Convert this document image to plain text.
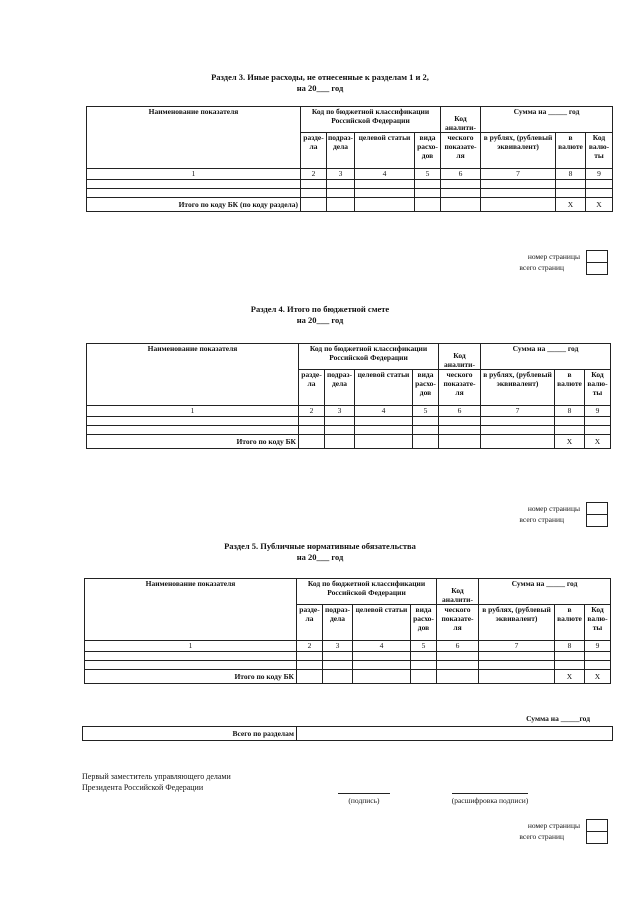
Раздел 3. Иные расходы, не отнесенные к разделам 1 и 2,
на 20___ год
Наименование показателя	Код по бюджетной классификации Российской Федерации				Код аналити-	Сумма на _____ год		
	разде- ла	подраз- дела	целевой статьи	вида расхо- дов	ческого показате- ля	в рублях, (рублевый эквивалент)	в валюте	Код валю- ты
1	2	3	4	5	6	7	8	9

Итого по коду БК (по коду раздела)							X	X
номер страницы
всего страниц
Раздел 4. Итого по бюджетной смете
на 20___ год
Наименование показателя	Код по бюджетной классификации Российской Федерации				Код аналити-	Сумма на _____ год		
	разде- ла	подраз- дела	целевой статьи	вида расхо- дов	ческого показате- ля	в рублях, (рублевый эквивалент)	в валюте	Код валю- ты
1	2	3	4	5	6	7	8	9

Итого по коду БК							X	X
номер страницы
всего страниц
Раздел 5. Публичные нормативные обязательства
на 20___ год
Наименование показателя	Код по бюджетной классификации Российской Федерации				Код аналити-	Сумма на _____ год		
	разде- ла	подраз- дела	целевой статьи	вида расхо- дов	ческого показате- ля	в рублях, (рублевый эквивалент)	в валюте	Код валю- ты
1	2	3	4	5	6	7	8	9

Итого по коду БК							X	X
Сумма на _____год
Всего по разделам	
Первый заместитель управляющего делами
Президента Российской Федерации
(подпись)	(расшифровка подписи)
номер страницы
всего страниц
